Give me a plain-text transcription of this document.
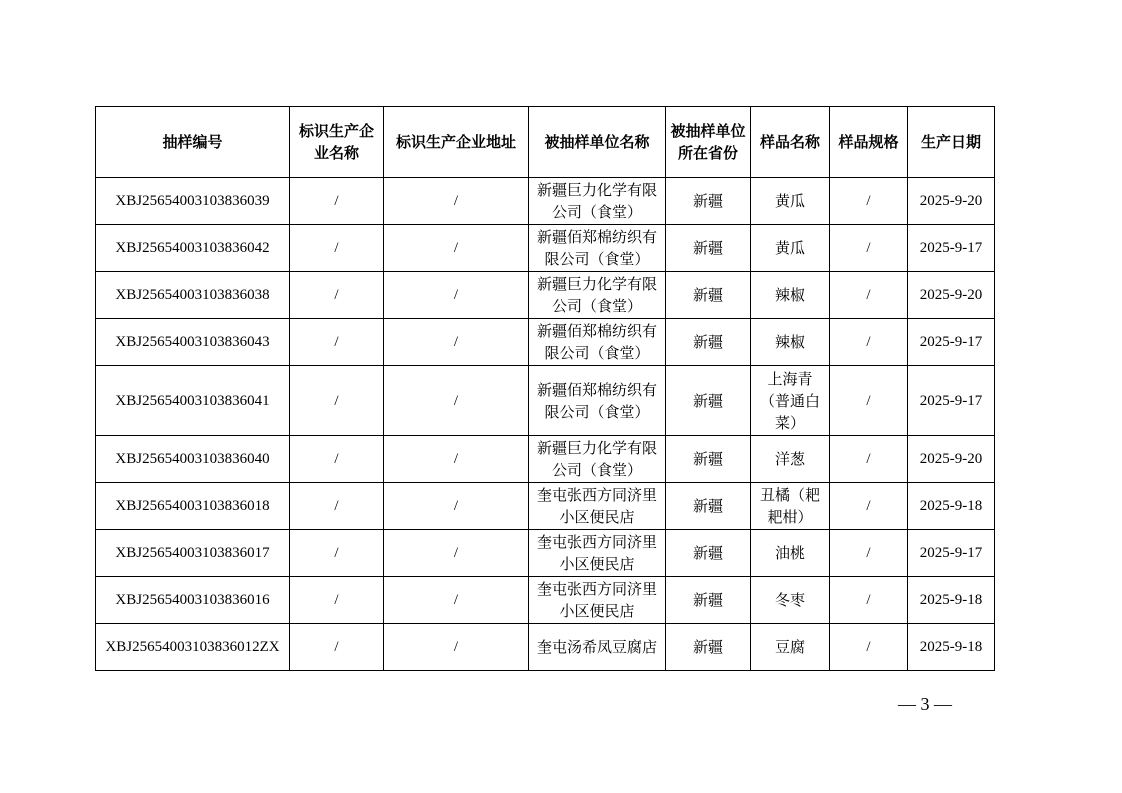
抽样编号	标识生产企业名称	标识生产企业地址	被抽样单位名称	被抽样单位所在省份	样品名称	样品规格	生产日期
XBJ25654003103836039	/	/	新疆巨力化学有限公司（食堂）	新疆	黄瓜	/	2025-9-20
XBJ25654003103836042	/	/	新疆佰郑棉纺织有限公司（食堂）	新疆	黄瓜	/	2025-9-17
XBJ25654003103836038	/	/	新疆巨力化学有限公司（食堂）	新疆	辣椒	/	2025-9-20
XBJ25654003103836043	/	/	新疆佰郑棉纺织有限公司（食堂）	新疆	辣椒	/	2025-9-17
XBJ25654003103836041	/	/	新疆佰郑棉纺织有限公司（食堂）	新疆	上海青（普通白菜）	/	2025-9-17
XBJ25654003103836040	/	/	新疆巨力化学有限公司（食堂）	新疆	洋葱	/	2025-9-20
XBJ25654003103836018	/	/	奎屯张西方同济里小区便民店	新疆	丑橘（耙耙柑）	/	2025-9-18
XBJ25654003103836017	/	/	奎屯张西方同济里小区便民店	新疆	油桃	/	2025-9-17
XBJ25654003103836016	/	/	奎屯张西方同济里小区便民店	新疆	冬枣	/	2025-9-18
XBJ25654003103836012ZX	/	/	奎屯汤希凤豆腐店	新疆	豆腐	/	2025-9-18
— 3 —
